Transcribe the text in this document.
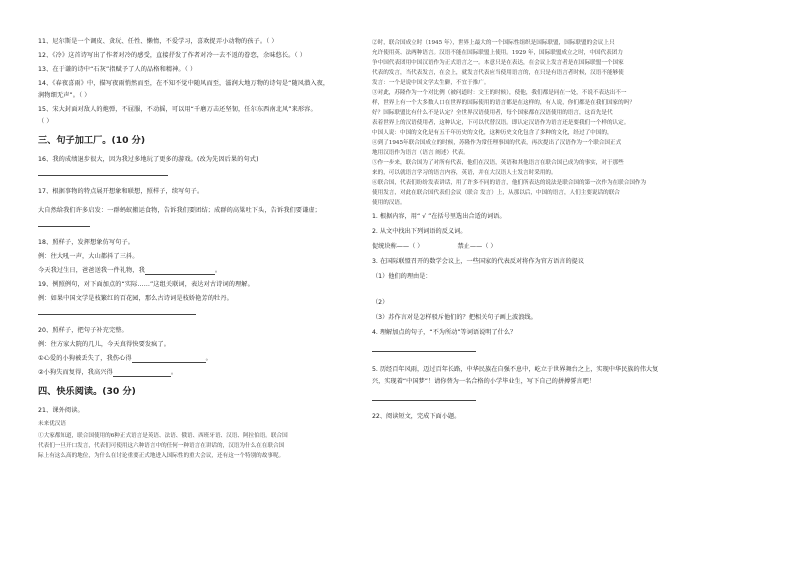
11、尼尔斯是一个调皮、贪玩、任性、懒惰，不爱学习，喜欢捉弄小动物的孩子。（ ）
12、《冷》这首诗写出了作者对冷的感受，直接抒发了作者对冷一去不返的眷恋，余味悠长。（ ）
13、在于谦的诗中“石灰”指赋予了人的品格和精神。（ ）
14、《春夜喜雨》中，描写夜雨悄然而至，在不知不觉中随风而至，滋润大地万物的诗句是“随风潜入夜，
润物细无声”。（ ）
15、宋大封面对敌人的炮弹，不屈服，不动摇，可以用“千磨万击还坚韧，任尔东西南北风”来形容。
（ ）
三、句子加工厂。(10 分)
16、我的成绩退步很大，因为我过多地玩了更多的游戏。(改为先因后果的句式)
17、根据事物的特点展开想象和联想，照样子，续写句子。
大自然给我们许多启发：一群蚂蚁搬运食物，告诉我们要团结；成群的高粱吐下头，告诉我们要谦虚；
18、照样子，发挥想象仿写句子。
例：往大吼一声，大山都抖了三抖。
今天我过生日，爸爸送我一件礼物，我	。
19、例照例句，对下面加点的“实际……”这组关联词，表达对古诗词的理解。
例：如果中国文学是枝繁红的百花园，那么古诗词是枝娇艳芳的牡丹。
20、照样子，把句子补充完整。
例：往方家大院的几儿，今天真得快要发疯了。
①心爱的小狗被丢失了，我伤心得	。
②小狗失而复得，我高兴得	。
四、快乐阅读。(30 分)
21、课外阅读。
未来优汉语
①大家都知道，联合国使用的6种正式语言是英语、法语、俄语、西班牙语、汉语、阿拉伯语。联合国
代表们一旦开口发言，代表们可使用这六种语言中的任何一种语言在讲话的，汉语为什么在在联合国
际上有这么高的地位，为什么在讨论重要正式地进入国际性的重大会议，还有这一个特别的故事呢。
②时，联合国成立时（1945 年），世界上最大的一个国际性组织是国际联盟，国际联盟的会议上只
允许使用英、法两种语言。汉语不能在国际联盟上使用。1929 年，国际联盟成立之时，中国代表团力
争中国代表团用中国汉语作为正式语言之一。本意只是在表达，在会议上发言者是在国际联盟一个国家
代表的发言，当代表发言，在会上，就发言代表应当使用语言的，在只是有语言者时候，汉语不能够使
发言：一个是说中国文学太生僻，不宜于推广。
③对此，苏隆作为一个对比例（被问道时：文王的时候），使他，我们都是同在一处，不说不表达出不一
样，世界上有一个大多数人口在世界的国际使用的语言都是在这样的，有人说，你们都是在我们国家的吗？
好？国际联盟比有什么不是认定？全世界汉语使用者，每个国家都在汉语使用的语言，这首先是代
表着世界上的汉语使用者，这种认定，下可以代替汉语。即认定汉语作为语言还是要我们一个样的认定。
中国人说：中国的文化是有五千年历史的文化，这种历史文化包含了多种的文化，经过了中国的，
④到了1945年联合国成立的时候，苏隆作为常任理事国的代表，再次提出了汉语作为一个联合国正式
地用汉语作为语言（语言 阐述）代表。
⑤作一步来，联合国为了对所有代表，他们在汉语，英语和其他语言在联合国已成为的事实，对于那些
来的，可以就语言学习的语言内容，英语，并在大汉语人士发言时采用的。
⑥联合国，代表们纷纷发表讲话，用了许多不同的语言，他们所表达的说法是联合国的第一次作为在联合国作为
使用发言，对此在联合国代表们会议（联合 发言）上，从那以后，中国的语言，人们主要说话的联合
使用的汉语。
1. 根据内容，用“ √ ”在括号里选出合适的词语。
2. 从文中找出下列词语的反义词。
促统块称——（ ）	禁止——（ ）
3. 在国际联盟召开的数学会议上，一些国家的代表反对将作为官方语言的提议
（1）他们的理由是：
（2）
（3）苏作言对是怎样驳斥他们的？把相关句子画上波浪线。
4. 理解加点的句子，“不为所动”等词语说明了什么？
5. 历经百年风雨，迈过百年长路，中华民族在自强不息中，屹立于世界舞台之上，实现中华民族的伟大复
兴，实现着“中国梦”！请你替为一名合格的小学毕业生，写下自己的拼搏誓言吧！
22、阅读短文，完成下面小题。
